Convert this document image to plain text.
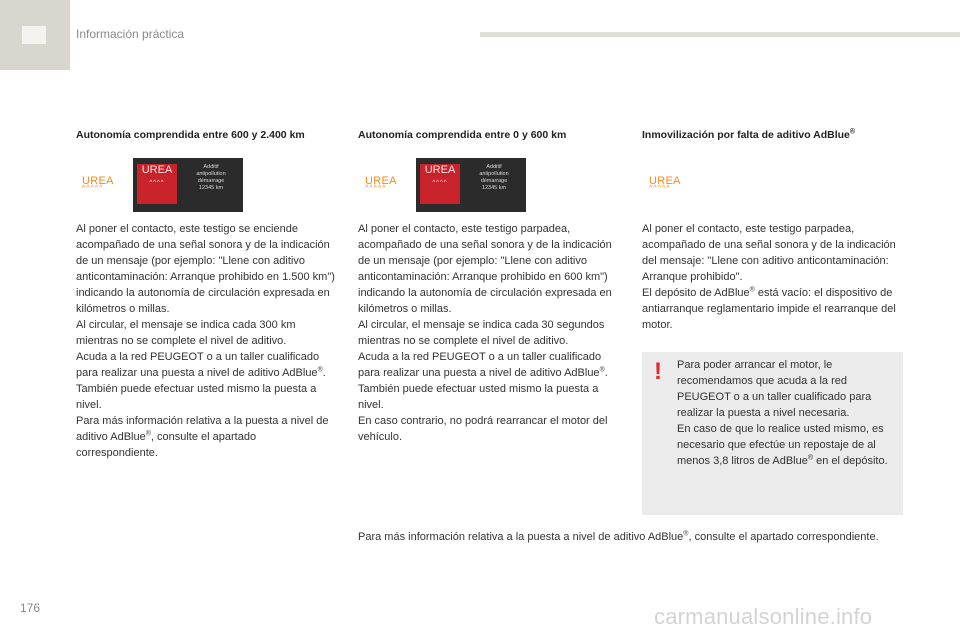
Información práctica
Autonomía comprendida entre 600 y 2.400 km
UREA
^^^^^
UREA
^^^^
Additif
antipollution
démarrage
12345 km

Al poner el contacto, este testigo se enciende acompañado de una señal sonora y de la indicación de un mensaje (por ejemplo: "Llene con aditivo anticontaminación: Arranque prohibido en 1.500 km") indicando la autonomía de circulación expresada en kilómetros o millas.

Al circular, el mensaje se indica cada 300 km mientras no se complete el nivel de aditivo.

Acuda a la red PEUGEOT o a un taller cualificado para realizar una puesta a nivel de aditivo AdBlue®.

También puede efectuar usted mismo la puesta a nivel.

Para más información relativa a la puesta a nivel de aditivo AdBlue®, consulte el apartado correspondiente.

Autonomía comprendida entre 0 y 600 km
UREA
^^^^^
UREA
^^^^
Additif
antipollution
démarrage
12345 km

Al poner el contacto, este testigo parpadea, acompañado de una señal sonora y de la indicación de un mensaje (por ejemplo: "Llene con aditivo anticontaminación: Arranque prohibido en 600 km") indicando la autonomía de circulación expresada en kilómetros o millas.

Al circular, el mensaje se indica cada 30 segundos mientras no se complete el nivel de aditivo.

Acuda a la red PEUGEOT o a un taller cualificado para realizar una puesta a nivel de aditivo AdBlue®.

También puede efectuar usted mismo la puesta a nivel.

En caso contrario, no podrá rearrancar el motor del vehículo.

Inmovilización por falta de aditivo AdBlue®
UREA
^^^^^

Al poner el contacto, este testigo parpadea, acompañado de una señal sonora y de la indicación del mensaje: "Llene con aditivo anticontaminación: Arranque prohibido".

El depósito de AdBlue® está vacío: el dispositivo de antiarranque reglamentario impide el rearranque del motor.

! Para poder arrancar el motor, le recomendamos que acuda a la red PEUGEOT o a un taller cualificado para realizar la puesta a nivel necesaria.
En caso de que lo realice usted mismo, es necesario que efectúe un repostaje de al menos 3,8 litros de AdBlue® en el depósito.
Para más información relativa a la puesta a nivel de aditivo AdBlue®, consulte el apartado correspondiente.
176	carmanualsonline.info
